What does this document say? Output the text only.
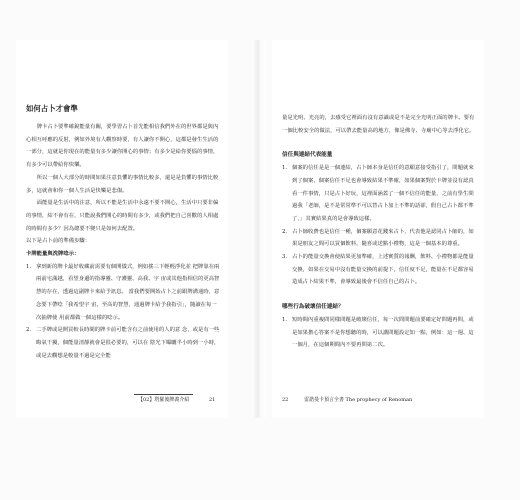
如何占卜才會準

牌卡占卜要準確銳能量有關，要學習占卜首先能相信我們外在的世界都是與內心相互呼應的反射，例如外境有人觀察時要，有人讓你不開心，這都是發生生活的一部分，這就是你現在的能量有多少讓你開心的事情；有多少是給你要惱的事情，有多少可以帶給你快樂。

所以一個人大部分的時間如果注意負懼的事情比較多，還是是負懼的事情比較多，這就會和你一個人生活是快樂是悲傷。

面能量是生活中的注意，所以不能是生活中永遠不要不開心，生活中只要非偏的事情，結不會有在，只能說我們開心的時間有多少，或我們把自己喜歡的人相處的時間有多少？因為總要不變只是如何去配置。

以下是占卜前的準備步驟：

卡牌能量與洗牌唸示：

1. 拿到新的牌卡最好收藏前需要有個開儀式，例如搖三下輕輕淨化並 把牌靠在兩兩前宅滿越，看望身邊的指導靈、守護靈、高我、宇 宙或其他指相信的更高智慧的存在，透過這副牌卡來給予訊息。 當我們要開始占卜之前跟牌溝通時，意念要下帶唸「我希望宇 宙、至高的智慧，通過牌卡給予我指引」，隨讀在每一次抽牌使 用前都做一個這樣的唸示。
2. 二手牌或是開買較長時間的牌卡前可能含有之前使用的人的意 念，或是有一些晦氣干擾，個能量清靜就會是很必要的，可以在 陰光下曝曬半小時到一小時，或是去觀想是較量不過是完全能
【02】塔羅後牌義介紹	21

量是光明、光亮的，去感受它裡面有沒有意識或是不是完全光明正面的牌卡。要有一個比較安全的做法，可以帶去能量高的地方，像是佛寺、寺廟中心等去淨化它。

信任與連結代表能量

1. 個案的信任是是一個連結，占卜師本身是信任的意願意接受指引了，問題就來到了個案，個案信任不足也會導致結果不準確，如果個案對於卡牌並沒有認真看一件事情，只是占卜好玩，這裡面涵蓋了一個不信任的能量，之前有學生問過我「老師，是不是常常準不可以替占卜加上不準的話卻，假自己占卜都不準了，」其實結果真的是會導致這樣。
2. 占卜師收費也是信任一種，個案願意花錢來占卜，代表他是認同占卜師的，如果是朋友之間可以買個飲料，隨喜或送點小禮物，這是一個基本的尊重。
3. 占卜的能量交換會使結果更加準確，上述實質的報酬，飲料、小禮物都是能量交換，如果在交易中沒有能量交換的前提下，信任度不足，能量在不足都容易造成占卜結果不準，會導致最後會不信任自己的占卜。

哪些行為破壞信任連結？

1. 短時間內重複問同樣問題是破壞信任，每一次問問題前要確定好問題再問，或是如果擔心答案不是你想聽的時，可以講問題設定知一點，例如：這一週、這一個月，在這個期間內不要再問第二次。
22	雷諾曼卡預言全書 The prophecy of Renoman
